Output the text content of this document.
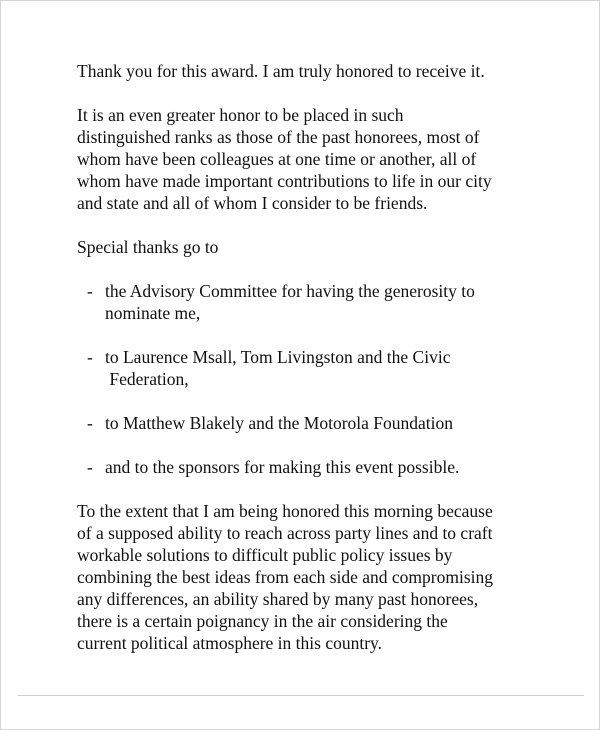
Thank you for this award. I am truly honored to receive it.
It is an even greater honor to be placed in such
distinguished ranks as those of the past honorees, most of
whom have been colleagues at one time or another, all of
whom have made important contributions to life in our city
and state and all of whom I consider to be friends.
Special thanks go to
- the Advisory Committee for having the generosity to
nominate me,
- to Laurence Msall, Tom Livingston and the Civic
Federation,
- to Matthew Blakely and the Motorola Foundation
- and to the sponsors for making this event possible.
To the extent that I am being honored this morning because
of a supposed ability to reach across party lines and to craft
workable solutions to difficult public policy issues by
combining the best ideas from each side and compromising
any differences, an ability shared by many past honorees,
there is a certain poignancy in the air considering the
current political atmosphere in this country.
